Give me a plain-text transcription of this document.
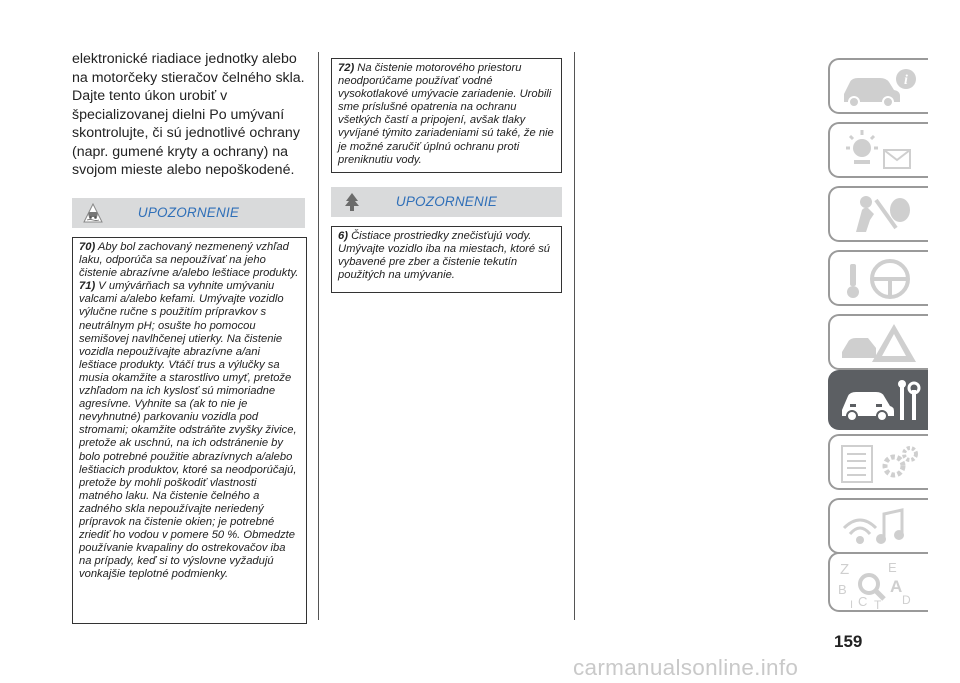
elektronické riadiace jednotky alebo na motorčeky stieračov čelného skla. Dajte tento úkon urobiť v špecializovanej dielni Po umývaní skontrolujte, či sú jednotlivé ochrany (napr. gumené kryty a ochrany) na svojom mieste alebo nepoškodené.

UPOZORNENIE

70) Aby bol zachovaný nezmenený vzhľad laku, odporúča sa nepoužívať na jeho čistenie abrazívne a/alebo leštiace produkty.

71) V umývárňach sa vyhnite umývaniu valcami a/alebo kefami. Umývajte vozidlo výlučne ručne s použitím prípravkov s neutrálnym pH; osušte ho pomocou semišovej navlhčenej utierky. Na čistenie vozidla nepoužívajte abrazívne a/ani leštiace produkty. Vtáčí trus a výlučky sa musia okamžite a starostlivo umyť, pretože vzhľadom na ich kyslosť sú mimoriadne agresívne. Vyhnite sa (ak to nie je nevyhnutné) parkovaniu vozidla pod stromami; okamžite odstráňte zvyšky živice, pretože ak uschnú, na ich odstránenie by bolo potrebné použitie abrazívnych a/alebo leštiacich produktov, ktoré sa neodporúčajú, pretože by mohli poškodiť vlastnosti matného laku. Na čistenie čelného a zadného skla nepoužívajte neriedený prípravok na čistenie okien; je potrebné zriediť ho vodou v pomere 50 %. Obmedzte používanie kvapaliny do ostrekovačov iba na prípady, keď si to výslovne vyžadujú vonkajšie teplotné podmienky.

72) Na čistenie motorového priestoru neodporúčame používať vodné vysokotlakové umývacie zariadenie. Urobili sme príslušné opatrenia na ochranu všetkých častí a pripojení, avšak tlaky vyvíjané týmito zariadeniami sú také, že nie je možné zaručiť úplnú ochranu proti preniknutiu vody.

UPOZORNENIE

6) Čistiace prostriedky znečisťujú vody. Umývajte vozidlo iba na miestach, ktoré sú vybavené pre zber a čistenie tekutín použitých na umývanie.

i
Z	E
B	A
I C T D
159
carmanualsonline.info
